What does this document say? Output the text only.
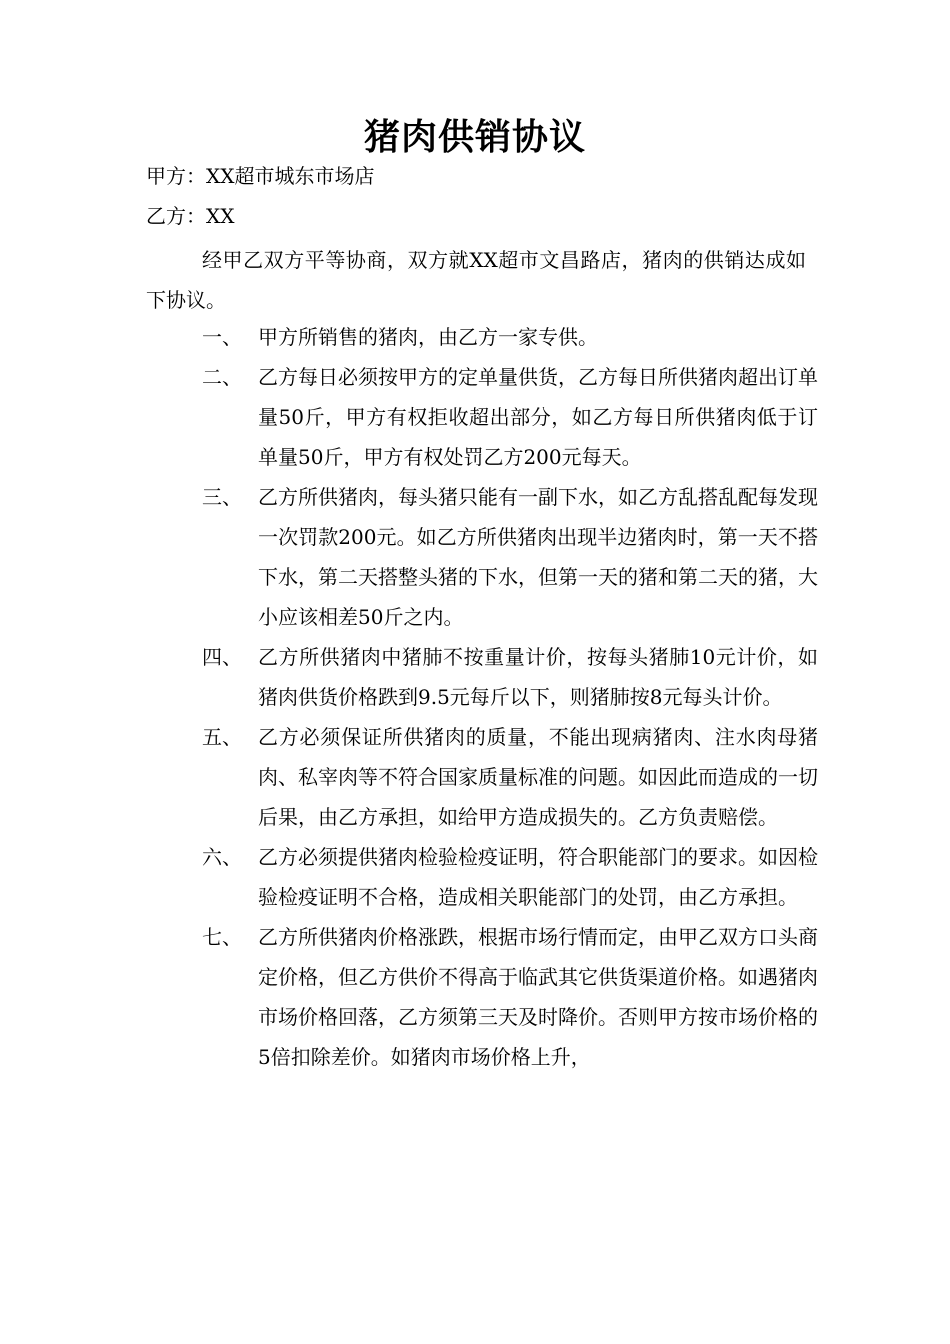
猪肉供销协议
甲方：XX超市城东市场店
乙方：XX
经甲乙双方平等协商，双方就XX超市文昌路店，猪肉的供销达成如下协议。
一、 甲方所销售的猪肉，由乙方一家专供。
二、 乙方每日必须按甲方的定单量供货，乙方每日所供猪肉超出订单量50斤，甲方有权拒收超出部分，如乙方每日所供猪肉低于订单量50斤，甲方有权处罚乙方200元每天。
三、 乙方所供猪肉，每头猪只能有一副下水，如乙方乱搭乱配每发现一次罚款200元。如乙方所供猪肉出现半边猪肉时，第一天不搭下水，第二天搭整头猪的下水，但第一天的猪和第二天的猪，大小应该相差50斤之内。
四、 乙方所供猪肉中猪肺不按重量计价，按每头猪肺10元计价，如猪肉供货价格跌到9.5元每斤以下，则猪肺按8元每头计价。
五、 乙方必须保证所供猪肉的质量，不能出现病猪肉、注水肉母猪肉、私宰肉等不符合国家质量标准的问题。如因此而造成的一切后果，由乙方承担，如给甲方造成损失的。乙方负责赔偿。
六、 乙方必须提供猪肉检验检疫证明，符合职能部门的要求。如因检验检疫证明不合格，造成相关职能部门的处罚，由乙方承担。
七、 乙方所供猪肉价格涨跌，根据市场行情而定，由甲乙双方口头商定价格，但乙方供价不得高于临武其它供货渠道价格。如遇猪肉市场价格回落，乙方须第三天及时降价。否则甲方按市场价格的5倍扣除差价。如猪肉市场价格上升，
